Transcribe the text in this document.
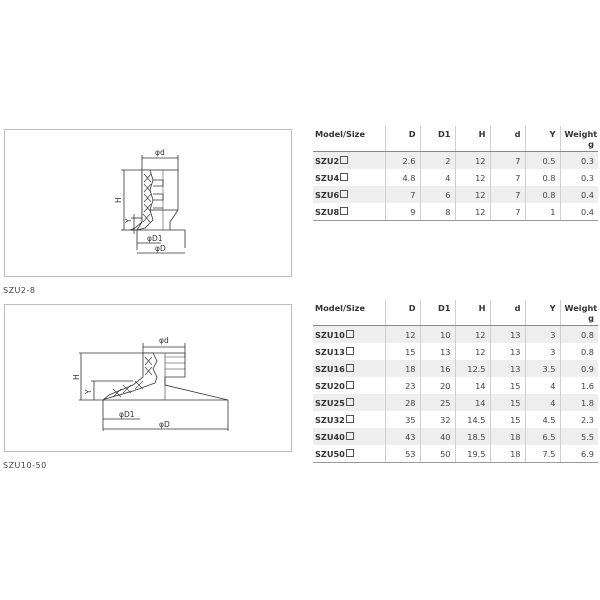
φd
H
Y
φD1
φD
SZU2-8
Model/Size	D	D1	H	d	Y	Weight
g
SZU2	2.6	2	12	7	0.5	0.3
SZU4	4.8	4	12	7	0.8	0.3
SZU6	7	6	12	7	0.8	0.4
SZU8	9	8	12	7	1	0.4
φd
H
Y
φD1
φD
SZU10-50
Model/Size	D	D1	H	d	Y	Weight
g
SZU10	12	10	12	13	3	0.8
SZU13	15	13	12	13	3	0.8
SZU16	18	16	12.5	13	3.5	0.9
SZU20	23	20	14	15	4	1.6
SZU25	28	25	14	15	4	1.8
SZU32	35	32	14.5	15	4.5	2.3
SZU40	43	40	18.5	18	6.5	5.5
SZU50	53	50	19.5	18	7.5	6.9
